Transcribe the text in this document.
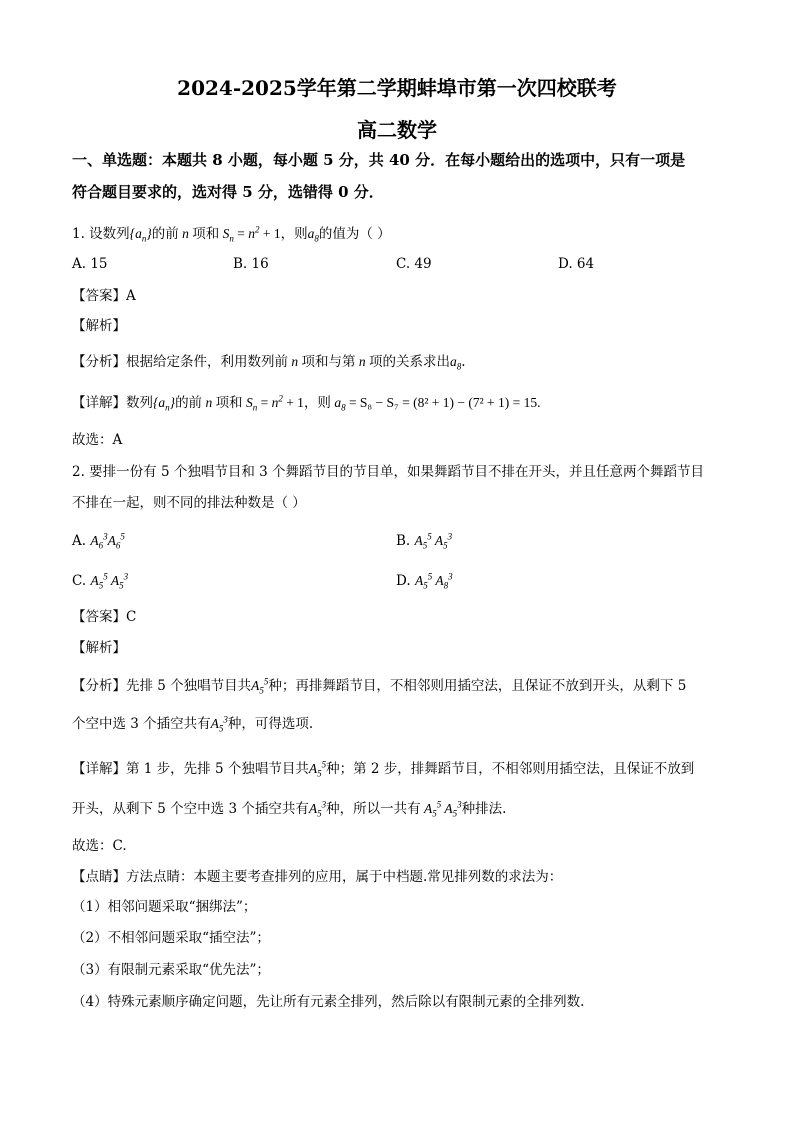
2024-2025学年第二学期蚌埠市第一次四校联考
高二数学
一、单选题：本题共 8 小题，每小题 5 分，共 40 分．在每小题给出的选项中，只有一项是
符合题目要求的，选对得 5 分，选错得 0 分．
1. 设数列$\{a_n\}$的前 n 项和 $S_n = n^2 + 1$，则$a_8$的值为（ ）
A. 15	B. 16	C. 49	D. 64
【答案】A
【解析】
【分析】根据给定条件，利用数列前 n 项和与第 n 项的关系求出$a_8$.
【详解】数列$\{a_n\}$的前 n 项和 $S_n = n^2 + 1$，则 $a_8 = S_8 - S_7 = (8^2 + 1) - (7^2 + 1) = 15$.
故选：A
2. 要排一份有 5 个独唱节目和 3 个舞蹈节目的节目单，如果舞蹈节目不排在开头，并且任意两个舞蹈节目
不排在一起，则不同的排法种数是（ ）
A. $A_6^3A_6^5$	B. $A_5^5$ $A_5^3$
C. $A_5^5$ $A_5^3$	D. $A_5^5$ $A_8^3$
【答案】C
【解析】
【分析】先排 5 个独唱节目共$A_5^5$种；再排舞蹈节目，不相邻则用插空法，且保证不放到开头，从剩下 5
个空中选 3 个插空共有$A_5^3$种，可得选项.
【详解】第 1 步，先排 5 个独唱节目共$A_5^5$种；第 2 步，排舞蹈节目，不相邻则用插空法，且保证不放到
开头，从剩下 5 个空中选 3 个插空共有$A_5^3$种，所以一共有 $A_5^5$ $A_5^3$种排法.
故选：C.
【点睛】方法点睛：本题主要考查排列的应用，属于中档题.常见排列数的求法为：
（1）相邻问题采取“捆绑法”；
（2）不相邻问题采取“插空法”；
（3）有限制元素采取“优先法”；
（4）特殊元素顺序确定问题，先让所有元素全排列，然后除以有限制元素的全排列数.
